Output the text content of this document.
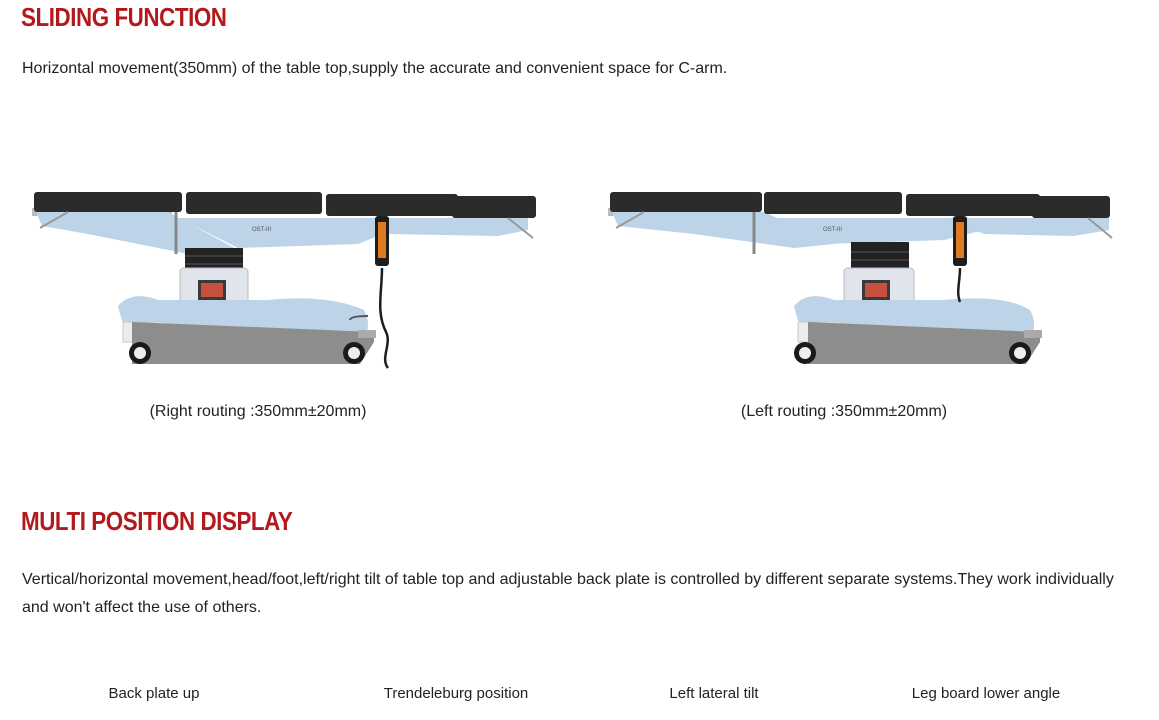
SLIDING FUNCTION

Horizontal movement(350mm) of the table top,supply the accurate and convenient space for C-arm.

OST-III	OST-III
(Right routing :350mm±20mm)	(Left routing :350mm±20mm)
MULTI POSITION DISPLAY

Vertical/horizontal movement,head/foot,left/right tilt of table top and adjustable back plate is controlled by different separate systems.They work individually and won't affect the use of others.

Back plate up	Trendeleburg position	Left lateral tilt	Leg board lower angle
